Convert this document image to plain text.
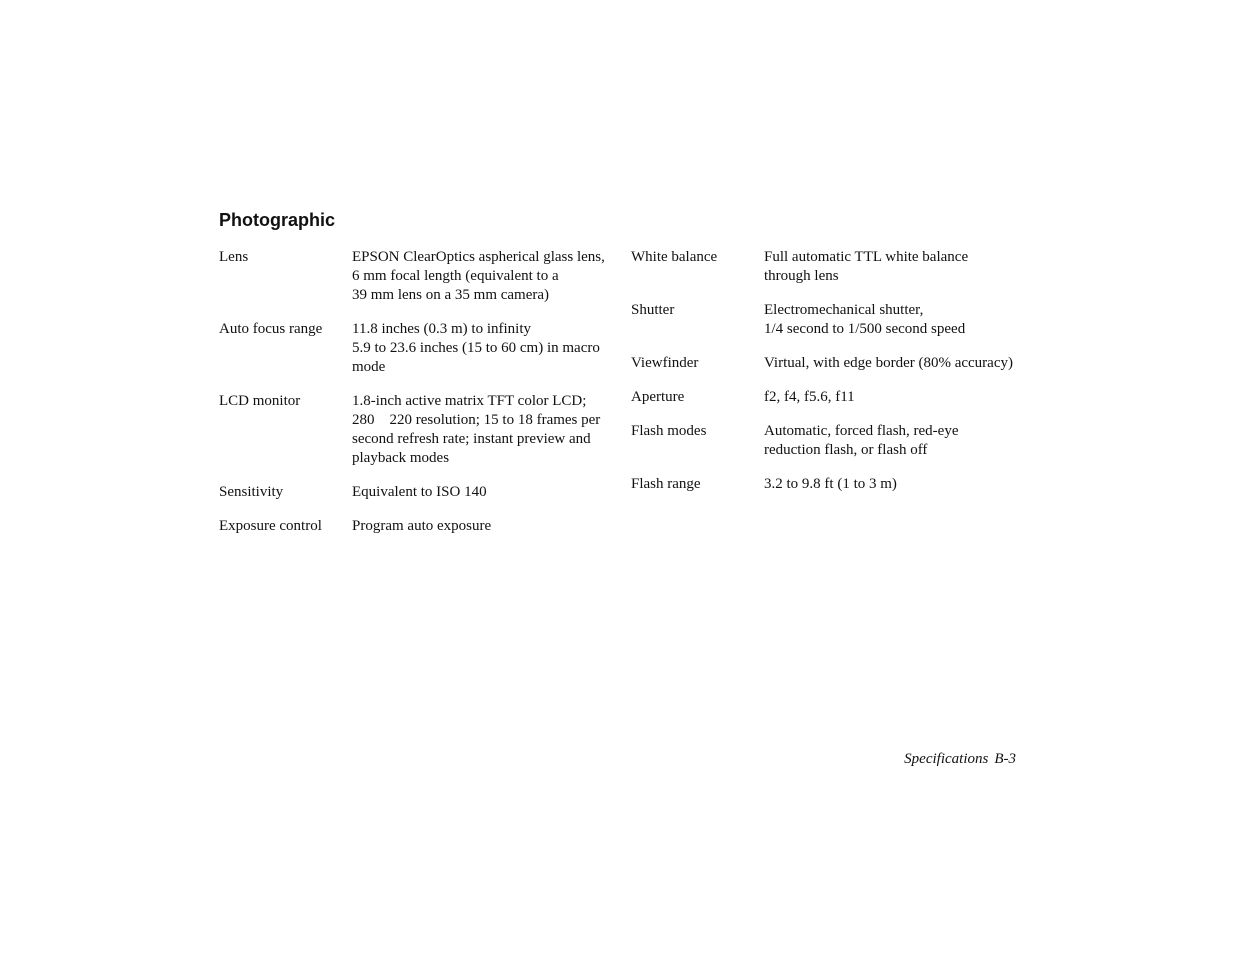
Photographic
Lens	EPSON ClearOptics aspherical glass lens,
6 mm focal length (equivalent to a
39 mm lens on a 35 mm camera)
Auto focus range	11.8 inches (0.3 m) to infinity
5.9 to 23.6 inches (15 to 60 cm) in macro
mode
LCD monitor	1.8-inch active matrix TFT color LCD;
280    220 resolution; 15 to 18 frames per
second refresh rate; instant preview and
playback modes
Sensitivity	Equivalent to ISO 140
Exposure control	Program auto exposure
White balance	Full automatic TTL white balance
through lens
Shutter	Electromechanical shutter,
1/4 second to 1/500 second speed
Viewfinder	Virtual, with edge border (80% accuracy)
Aperture	f2, f4, f5.6, f11
Flash modes	Automatic, forced flash, red-eye
reduction flash, or flash off
Flash range	3.2 to 9.8 ft (1 to 3 m)
Specifications B-3
